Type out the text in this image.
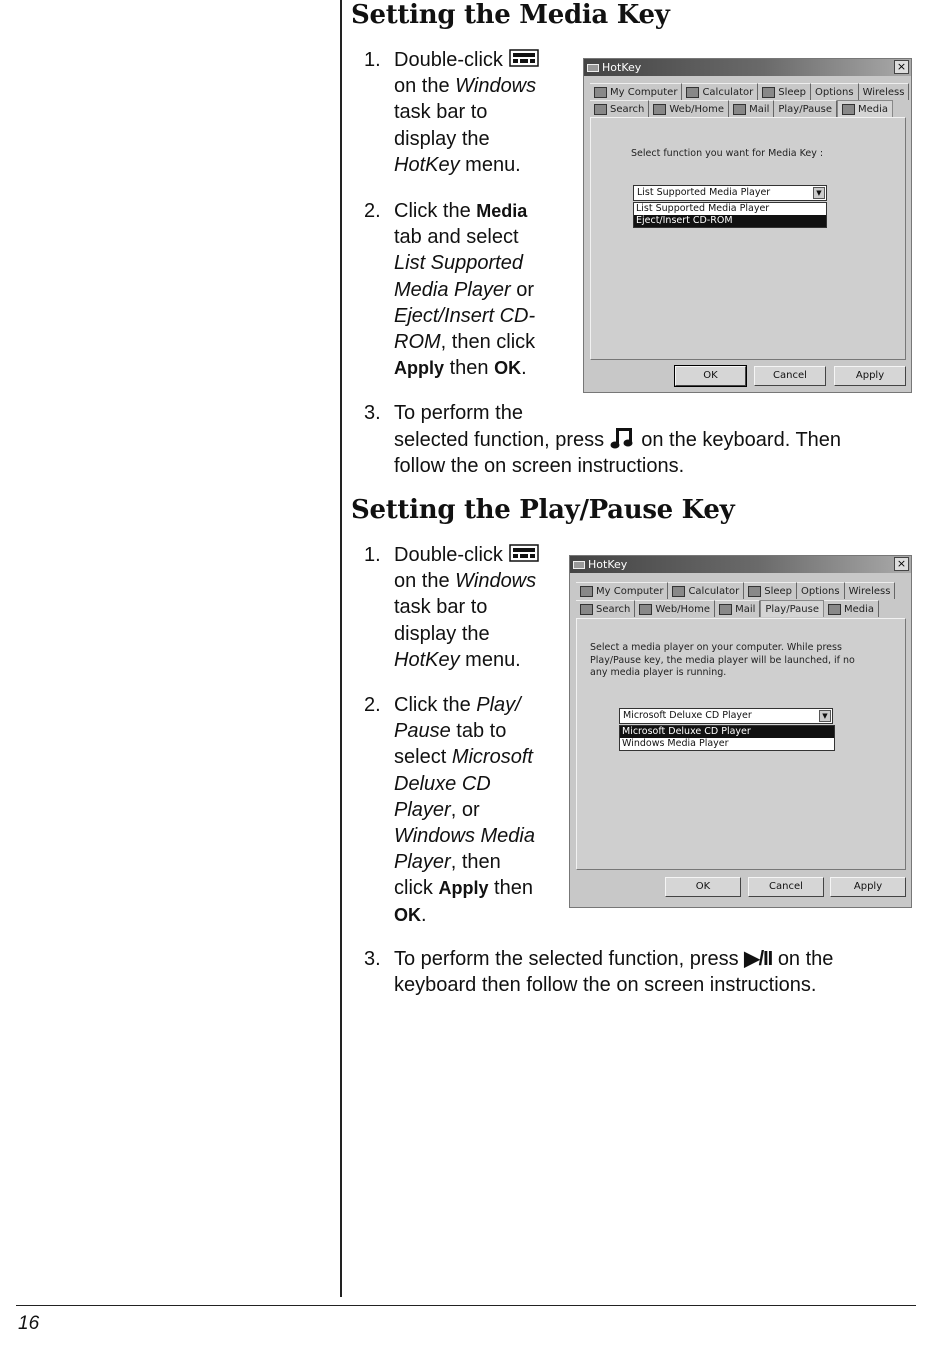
16
Setting the Media Key
1. Double-click
on the Windows
task bar to
display the
HotKey menu.
2. Click the Media
tab and select
List Supported
Media Player or
Eject/Insert CD-
ROM, then click
Apply then OK.
3. To perform the
selected function, press on the keyboard. Then
follow the on screen instructions.
HotKey	×
My Computer	Calculator	Sleep Options Wireless
Search	Web/Home	Mail Play/Pause	Media
Select function you want for Media Key :
List Supported Media Player	▼
List Supported Media Player
Eject/Insert CD-ROM
OK	Cancel	Apply
Setting the Play/Pause Key
1. Double-click
on the Windows
task bar to
display the
HotKey menu.
2. Click the Play/
Pause tab to
select Microsoft
Deluxe CD
Player, or
Windows Media
Player, then
click Apply then
OK.
3. To perform the selected function, press ▶/II on the
keyboard then follow the on screen instructions.
HotKey	×
My Computer	Calculator	Sleep Options Wireless
Search	Web/Home	Mail Play/Pause	Media
Select a media player on your computer. While press
Play/Pause key, the media player will be launched, if no
any media player is running.
Microsoft Deluxe CD Player	▼
Microsoft Deluxe CD Player
Windows Media Player
OK	Cancel	Apply
